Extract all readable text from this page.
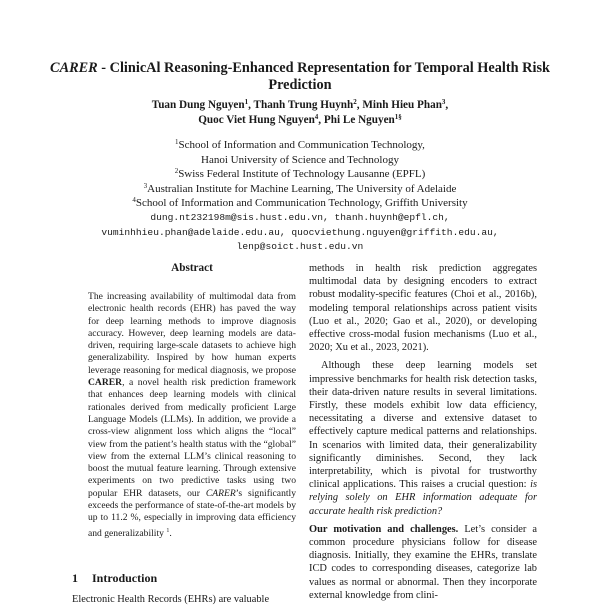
CARER - ClinicAl Reasoning-Enhanced Representation for Temporal Health Risk Prediction
Tuan Dung Nguyen$^1$, Thanh Trung Huynh$^2$, Minh Hieu Phan$^3$,
Quoc Viet Hung Nguyen$^4$, Phi Le Nguyen$^{1\S}$
$^1$School of Information and Communication Technology,
Hanoi University of Science and Technology
$^2$Swiss Federal Institute of Technology Lausanne (EPFL)
$^3$Australian Institute for Machine Learning, The University of Adelaide
$^4$School of Information and Communication Technology, Griffith University
dung.nt232198m@sis.hust.edu.vn, thanh.huynh@epfl.ch,
vuminhhieu.phan@adelaide.edu.au, quocviethung.nguyen@griffith.edu.au,
lenp@soict.hust.edu.vn
Abstract
The increasing availability of multimodal data from electronic health records (EHR) has paved the way for deep learning methods to improve diagnosis accuracy. However, deep learning models are data-driven, requiring large-scale datasets to achieve high generalizability. Inspired by how human experts leverage reasoning for medical diagnosis, we propose CARER, a novel health risk prediction framework that enhances deep learning models with clinical rationales derived from medically proficient Large Language Models (LLMs). In addition, we provide a cross-view alignment loss which aligns the “local” view from the patient’s health status with the “global” view from the external LLM’s clinical reasoning to boost the mutual feature learning. Through extensive experiments on two predictive tasks using two popular EHR datasets, our CARER’s significantly exceeds the performance of state-of-the-art models by up to 11.2 %, especially in improving data efficiency and generalizability $^1$.
1 Introduction
Electronic Health Records (EHRs) are valuable

methods in health risk prediction aggregates multimodal data by designing encoders to extract robust modality-specific features (Choi et al., 2016b), modeling temporal relationships across patient visits (Luo et al., 2020; Gao et al., 2020), or developing effective cross-modal fusion mechanisms (Luo et al., 2020; Xu et al., 2023, 2021).

Although these deep learning models set impressive benchmarks for health risk detection tasks, their data-driven nature results in several limitations. Firstly, these models exhibit low data efficiency, necessitating a diverse and extensive dataset to effectively capture medical patterns and relationships. In scenarios with limited data, their generalizability significantly diminishes. Second, they lack interpretability, which is pivotal for trustworthy clinical applications. This raises a crucial question: is relying solely on EHR information adequate for accurate health risk prediction?

Our motivation and challenges. Let’s consider a common procedure physicians follow for disease diagnosis. Initially, they examine the EHRs, translate ICD codes to corresponding diseases, categorize lab values as normal or abnormal. Then they incorporate external knowledge from clini-
